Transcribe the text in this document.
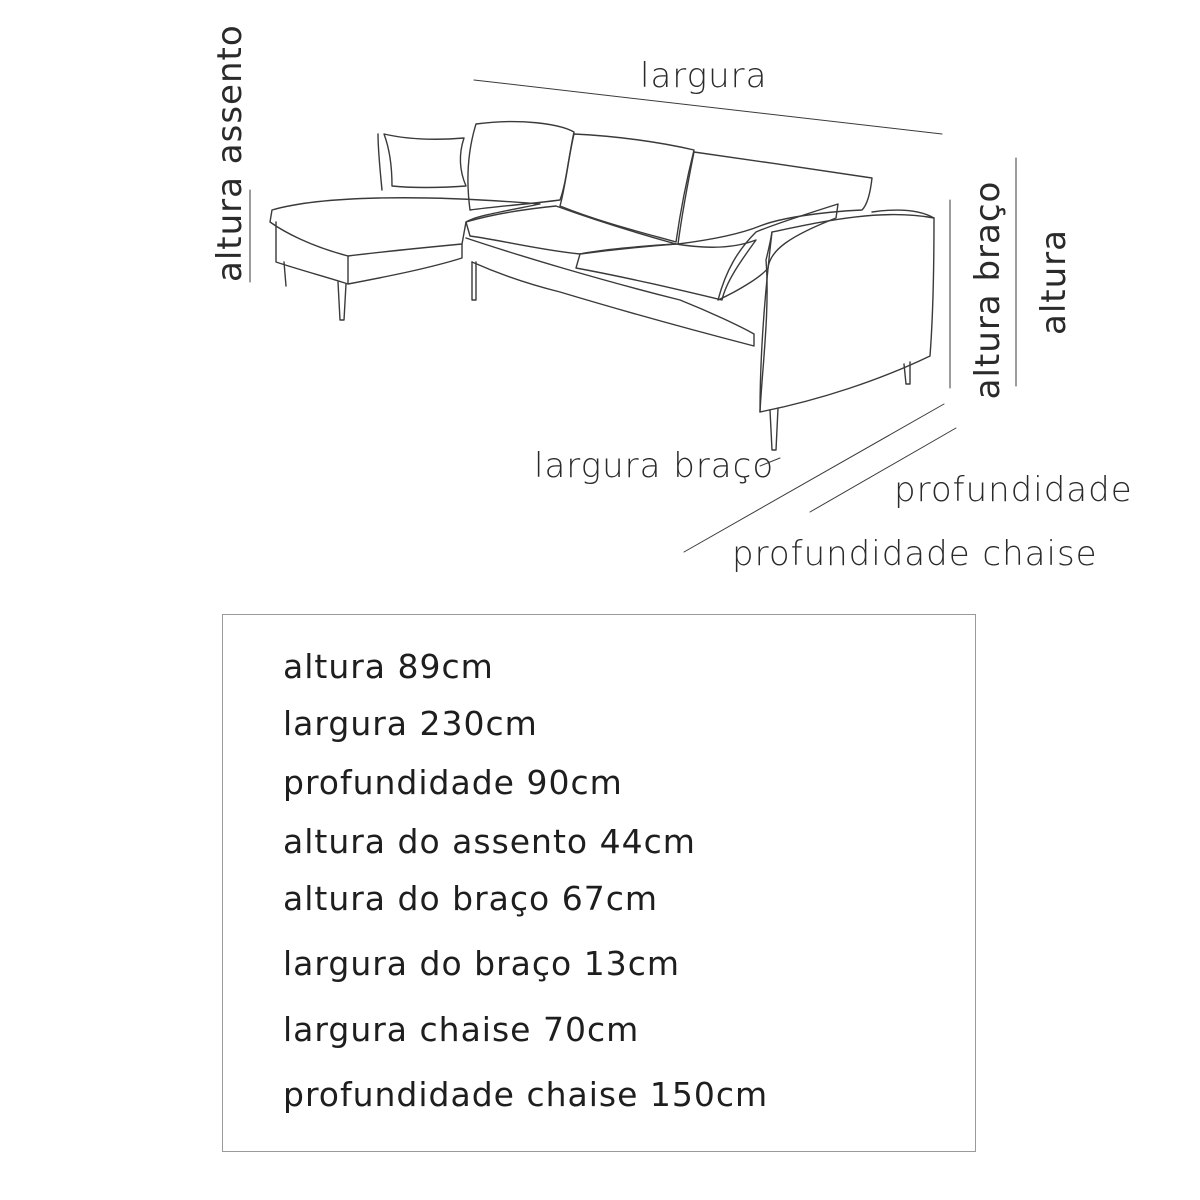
largura
altura assento
altura braço altura
largura braço
profundidade
profundidade chaise
altura 89cm
largura 230cm
profundidade 90cm
altura do assento 44cm
altura do braço 67cm
largura do braço 13cm
largura chaise 70cm
profundidade chaise 150cm
